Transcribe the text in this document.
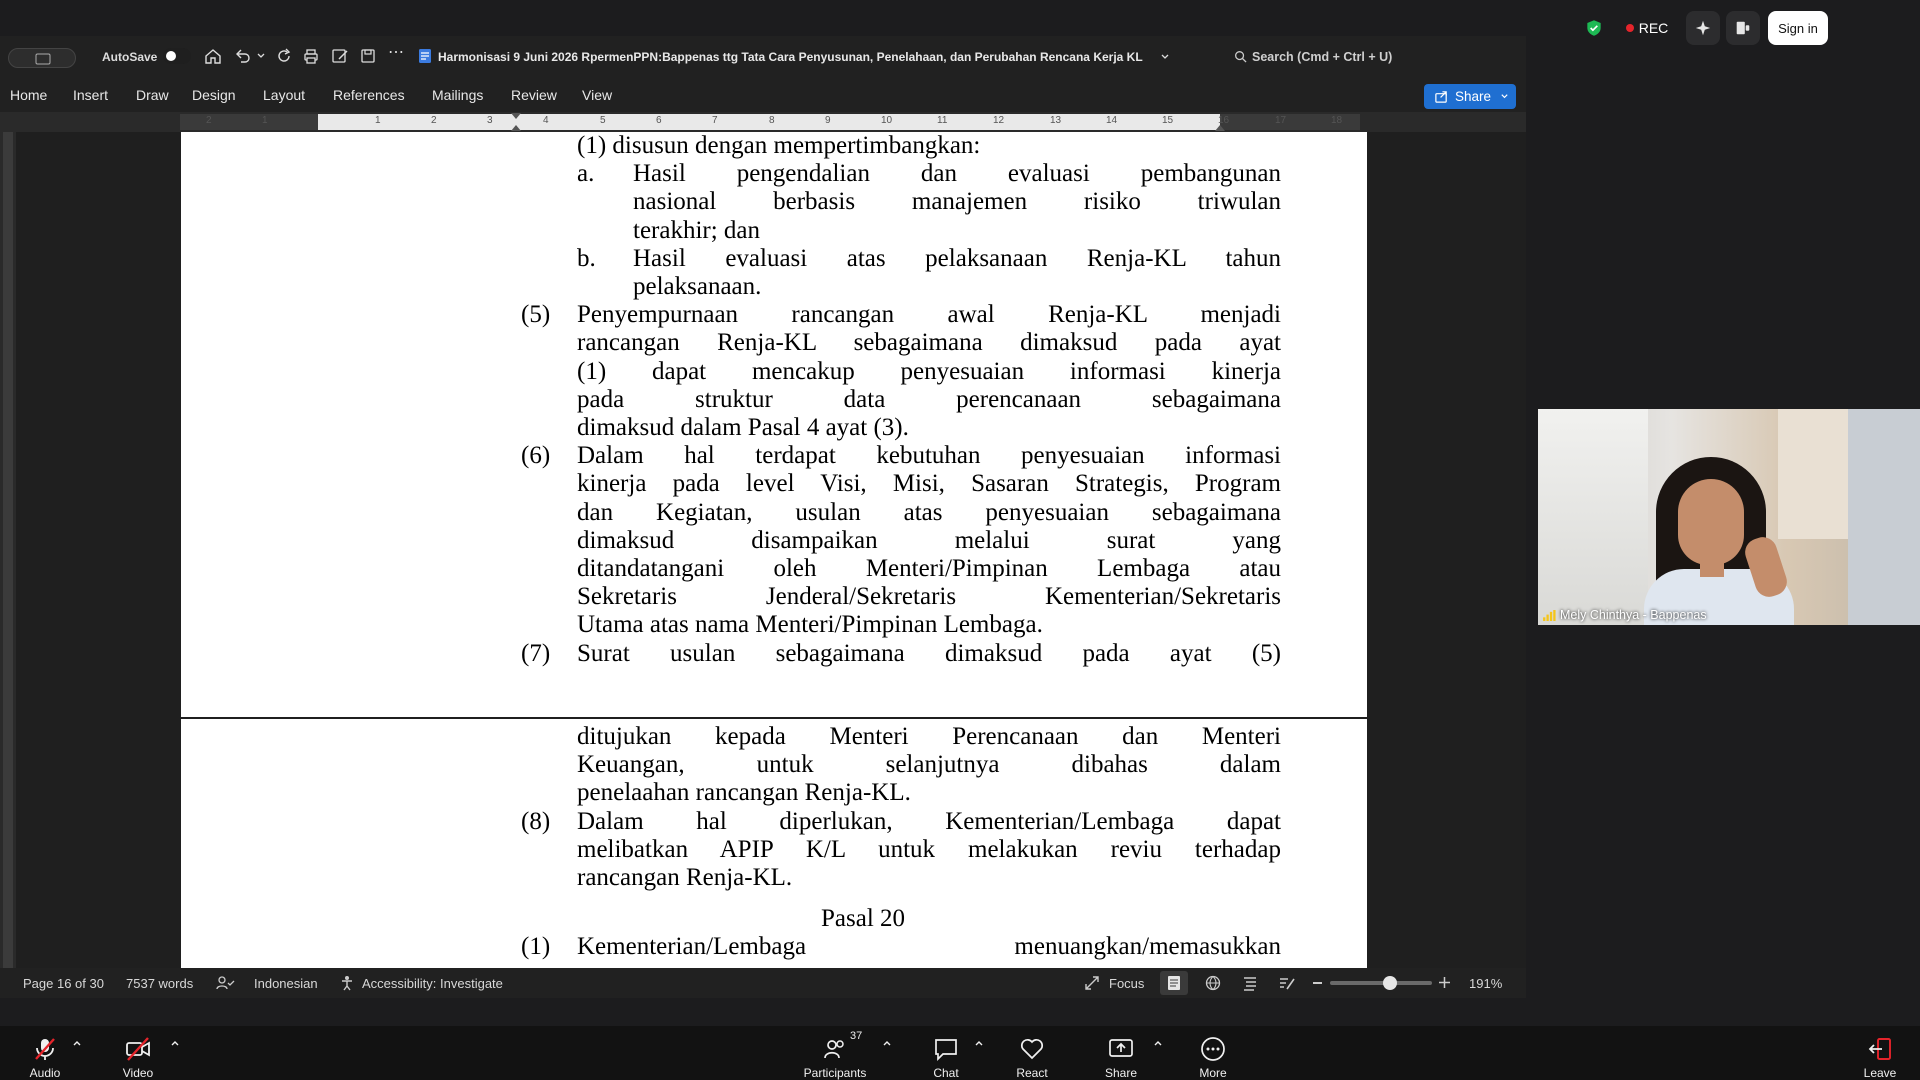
REC	Sign in
AutoSave	⋯	Harmonisasi 9 Juni 2026 RpermenPPN:Bappenas ttg Tata Cara Penyusunan, Penelahaan, dan Perubahan Rencana Kerja KL	Search (Cmd + Ctrl + U)
Home Insert Draw Design Layout References Mailings Review View	Share
2	1	1	2	3	4	5	6	7	8	9	10	11	12	13	14	15	16	17	18
(1) disusun dengan mempertimbangkan:
a. Hasil pengendalian dan evaluasi pembangunan
nasional berbasis manajemen risiko triwulan
terakhir; dan
b. Hasil evaluasi atas pelaksanaan Renja-KL tahun
pelaksanaan.
(5) Penyempurnaan rancangan awal Renja-KL menjadi
rancangan Renja-KL sebagaimana dimaksud pada ayat
(1) dapat mencakup penyesuaian informasi kinerja
pada struktur data perencanaan sebagaimana
dimaksud dalam Pasal 4 ayat (3).
(6) Dalam hal terdapat kebutuhan penyesuaian informasi
kinerja pada level Visi, Misi, Sasaran Strategis, Program
dan Kegiatan, usulan atas penyesuaian sebagaimana
dimaksud disampaikan melalui surat yang
ditandatangani oleh Menteri/Pimpinan Lembaga atau
Sekretaris Jenderal/Sekretaris Kementerian/Sekretaris
Utama atas nama Menteri/Pimpinan Lembaga.
(7) Surat usulan sebagaimana dimaksud pada ayat (5)
ditujukan kepada Menteri Perencanaan dan Menteri
Keuangan, untuk selanjutnya dibahas dalam
penelaahan rancangan Renja-KL.
(8) Dalam hal diperlukan, Kementerian/Lembaga dapat
melibatkan APIP K/L untuk melakukan reviu terhadap
rancangan Renja-KL.
Pasal 20
(1) Kementerian/Lembaga menuangkan/memasukkan
Page 16 of 30 7537 words	Indonesian	Accessibility: Investigate	Focus	191%
Mely Chinthya - Bappenas
Audio	Video	Participants
37
Chat	React	Share	More	Leave
